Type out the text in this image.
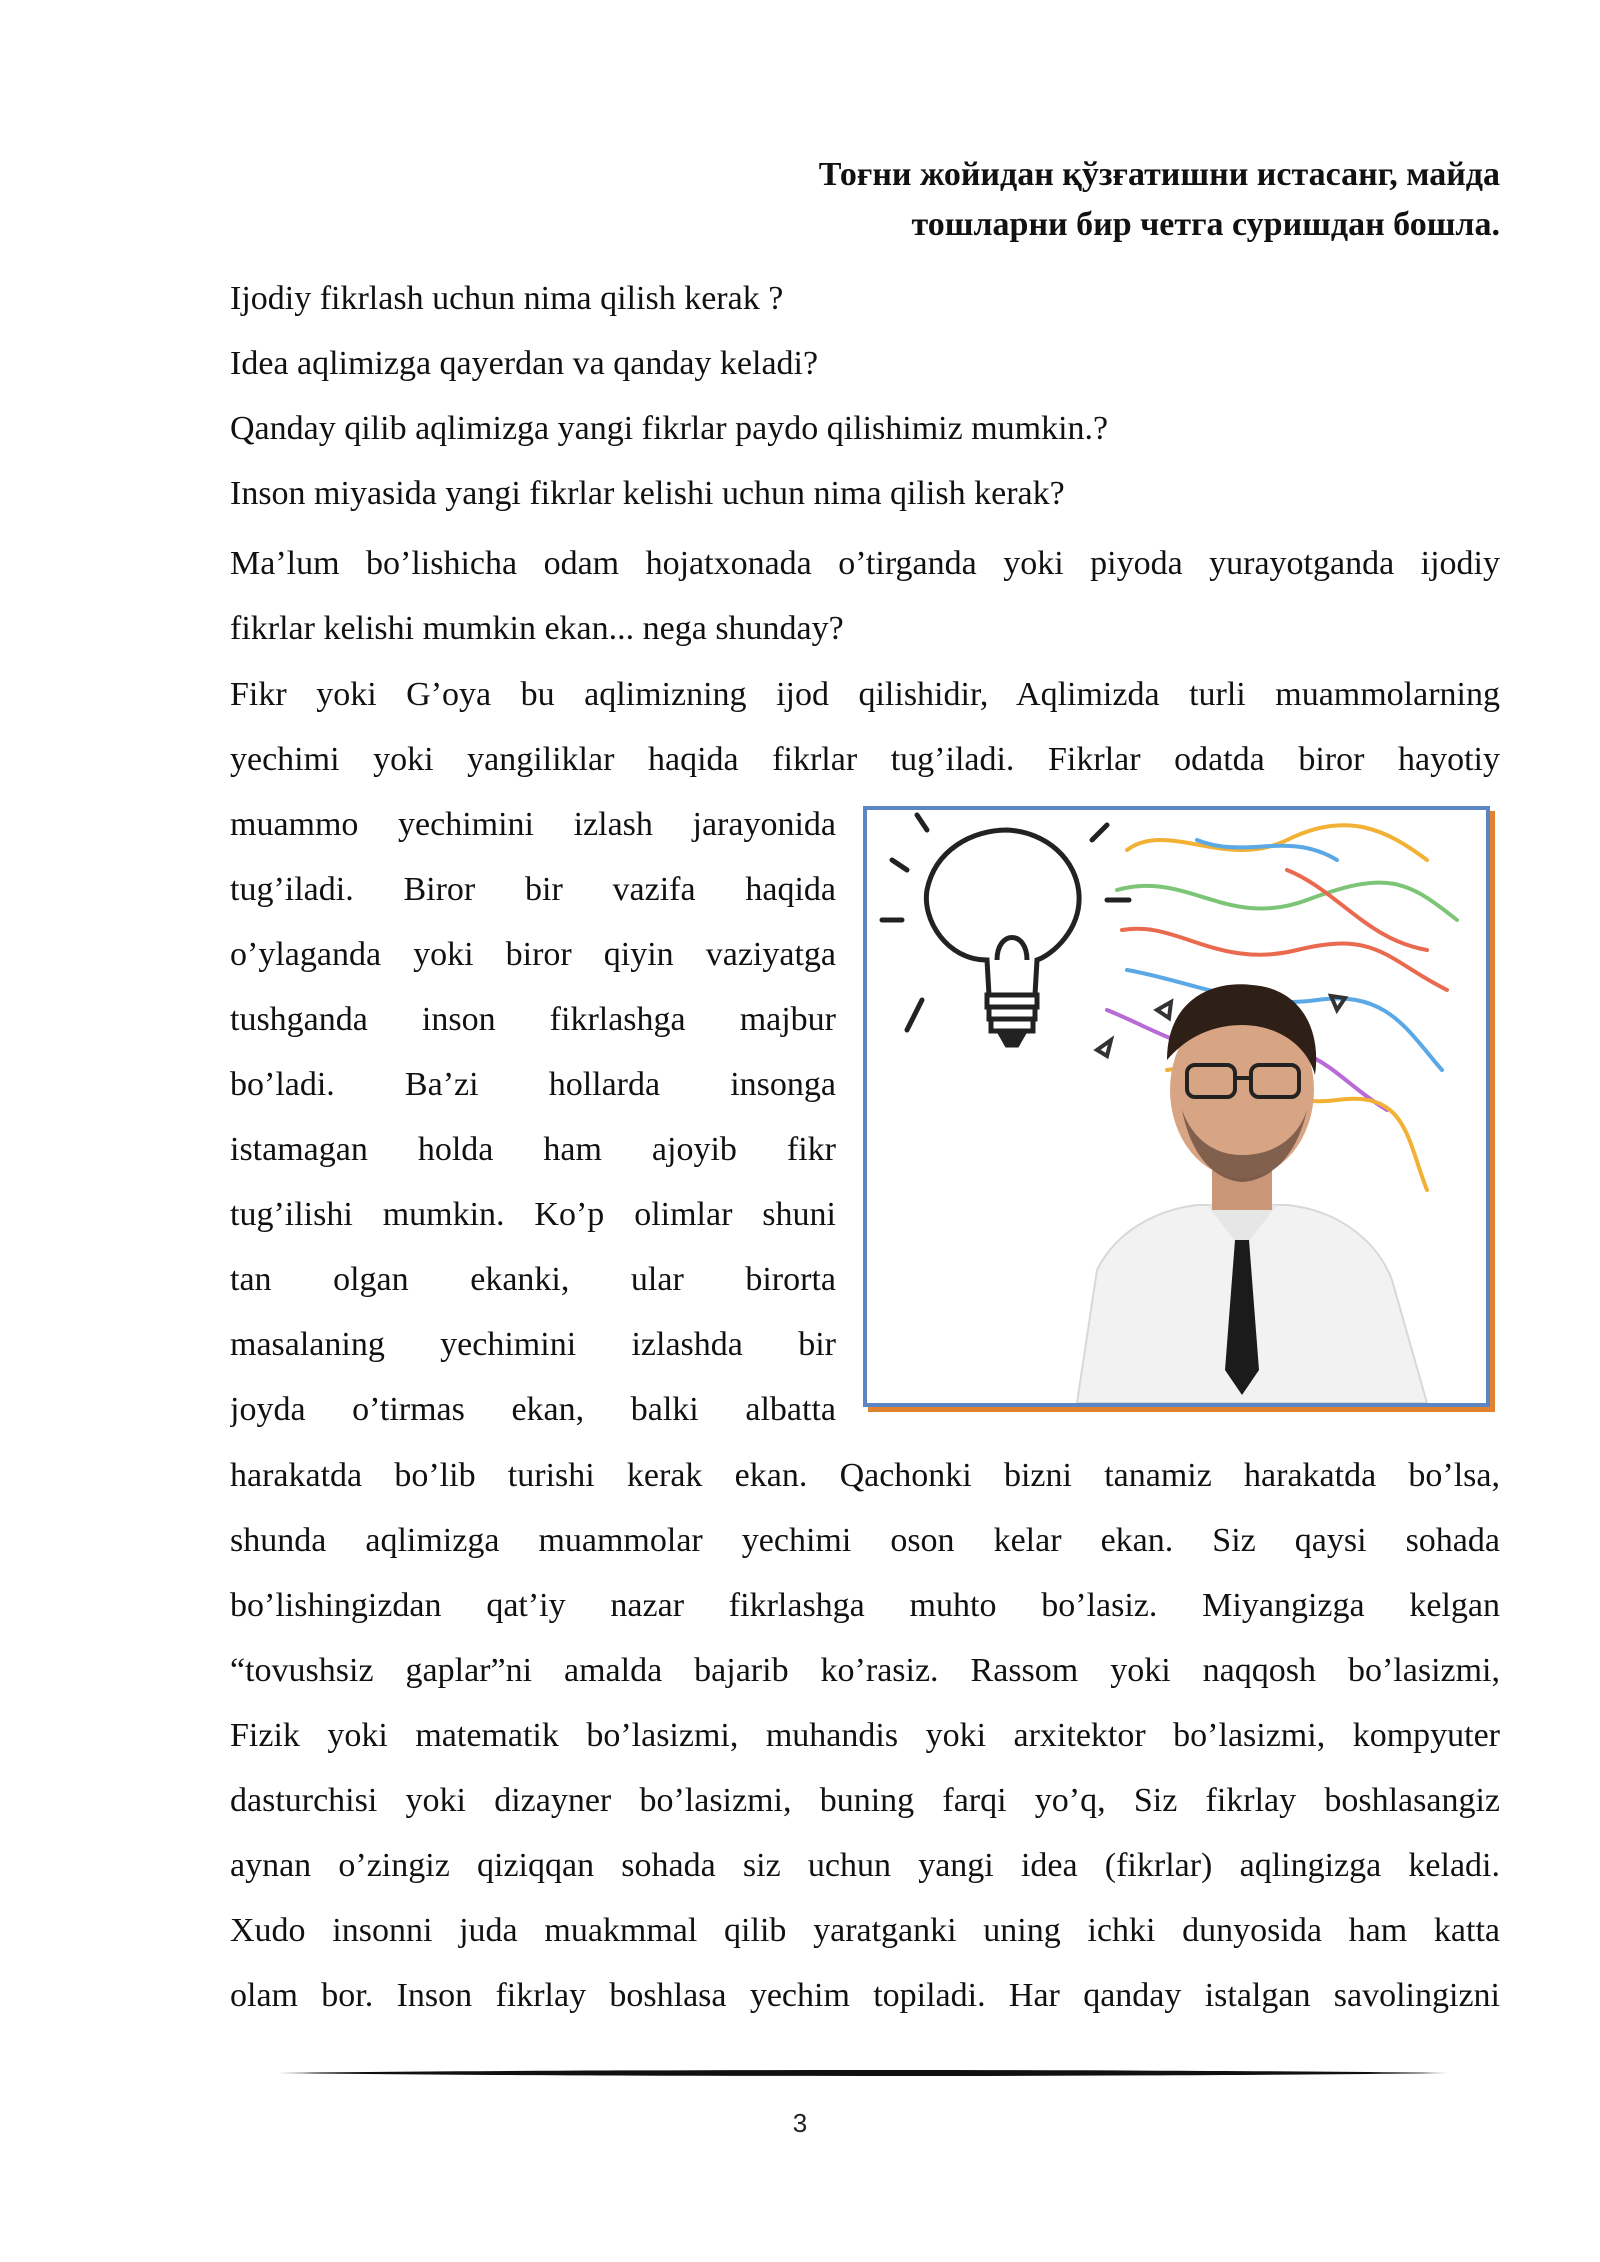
Тоғни жойидан қўзғатишни истасанг, майда
тошларни бир четга суришдан бошла.
Ijodiy fikrlash uchun nima qilish kerak ?
Idea aqlimizga qayerdan va qanday keladi?
Qanday qilib aqlimizga yangi fikrlar paydo qilishimiz mumkin.?
Inson miyasida yangi fikrlar kelishi uchun nima qilish kerak?
Ma’lum bo’lishicha odam hojatxonada o’tirganda yoki piyoda yurayotganda ijodiy
fikrlar kelishi mumkin ekan... nega shunday?
Fikr yoki G’oya bu aqlimizning ijod qilishidir, Aqlimizda turli muammolarning
yechimi yoki yangiliklar haqida fikrlar tug’iladi. Fikrlar odatda biror hayotiy
muammo yechimini izlash jarayonida
tug’iladi. Biror bir vazifa haqida
o’ylaganda yoki biror qiyin vaziyatga
tushganda inson fikrlashga majbur
bo’ladi. Ba’zi hollarda insonga
istamagan holda ham ajoyib fikr
tug’ilishi mumkin. Ko’p olimlar shuni
tan olgan ekanki, ular birorta
masalaning yechimini izlashda bir
joyda o’tirmas ekan, balki albatta
harakatda bo’lib turishi kerak ekan. Qachonki bizni tanamiz harakatda bo’lsa,
shunda aqlimizga muammolar yechimi oson kelar ekan. Siz qaysi sohada
bo’lishingizdan qat’iy nazar fikrlashga muhto bo’lasiz. Miyangizga kelgan
“tovushsiz gaplar”ni amalda bajarib ko’rasiz. Rassom yoki naqqosh bo’lasizmi,
Fizik yoki matematik bo’lasizmi, muhandis yoki arxitektor bo’lasizmi, kompyuter
dasturchisi yoki dizayner bo’lasizmi, buning farqi yo’q, Siz fikrlay boshlasangiz
aynan o’zingiz qiziqqan sohada siz uchun yangi idea (fikrlar) aqlingizga keladi.
Xudo insonni juda muakmmal qilib yaratganki uning ichki dunyosida ham katta
olam bor. Inson fikrlay boshlasa yechim topiladi. Har qanday istalgan savolingizni
3
